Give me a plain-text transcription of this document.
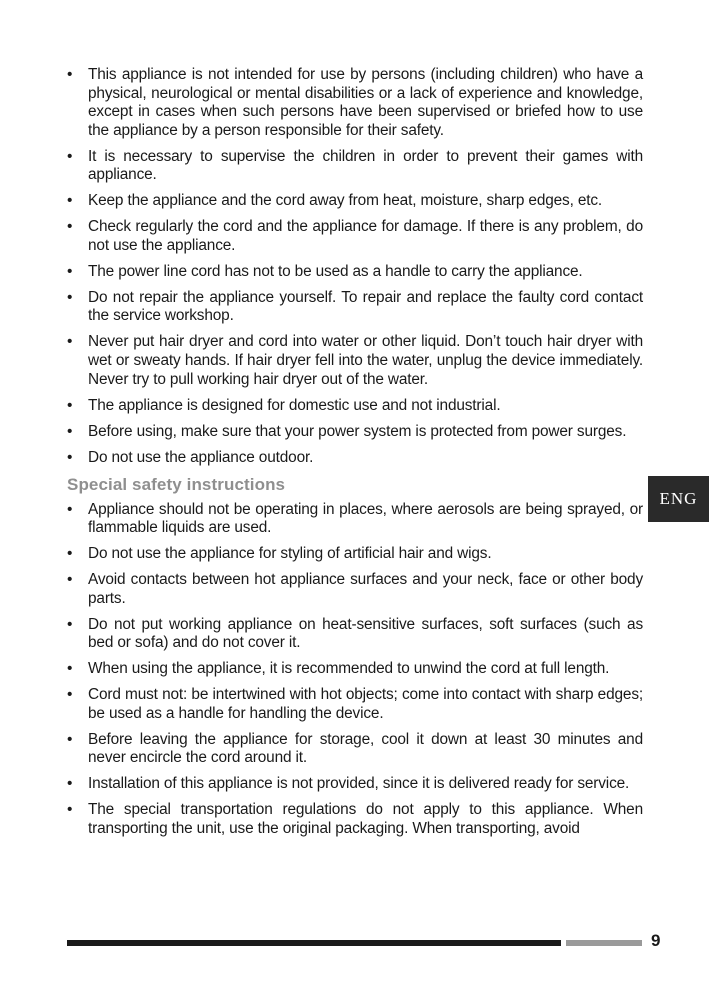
• This appliance is not intended for use by persons (including children) who have a physical, neurological or mental disabilities or a lack of experience and knowledge, except in cases when such persons have been supervised or briefed how to use the appliance by a person responsible for their safety.
• It is necessary to supervise the children in order to prevent their games with appliance.
• Keep the appliance and the cord away from heat, moisture, sharp edges, etc.
• Check regularly the cord and the appliance for damage. If there is any problem, do not use the appliance.
• The power line cord has not to be used as a handle to carry the appliance.
• Do not repair the appliance yourself. To repair and replace the faulty cord contact the service workshop.
• Never put hair dryer and cord into water or other liquid. Don’t touch hair dryer with wet or sweaty hands. If hair dryer fell into the water, unplug the device immediately. Never try to pull working hair dryer out of the water.
• The appliance is designed for domestic use and not industrial.
• Before using, make sure that your power system is protected from power surges.
• Do not use the appliance outdoor.
Special safety instructions
• Appliance should not be operating in places, where aerosols are being sprayed, or flammable liquids are used.
• Do not use the appliance for styling of artificial hair and wigs.
• Avoid contacts between hot appliance surfaces and your neck, face or other body parts.
• Do not put working appliance on heat-sensitive surfaces, soft surfaces (such as bed or sofa) and do not cover it.
• When using the appliance, it is recommended to unwind the cord at full length.
• Cord must not: be intertwined with hot objects; come into contact with sharp edges; be used as a handle for handling the device.
• Before leaving the appliance for storage, cool it down at least 30 minutes and never encircle the cord around it.
• Installation of this appliance is not provided, since it is delivered ready for service.
• The special transportation regulations do not apply to this appliance. When transporting the unit, use the original packaging. When transporting, avoid
ENG
9
